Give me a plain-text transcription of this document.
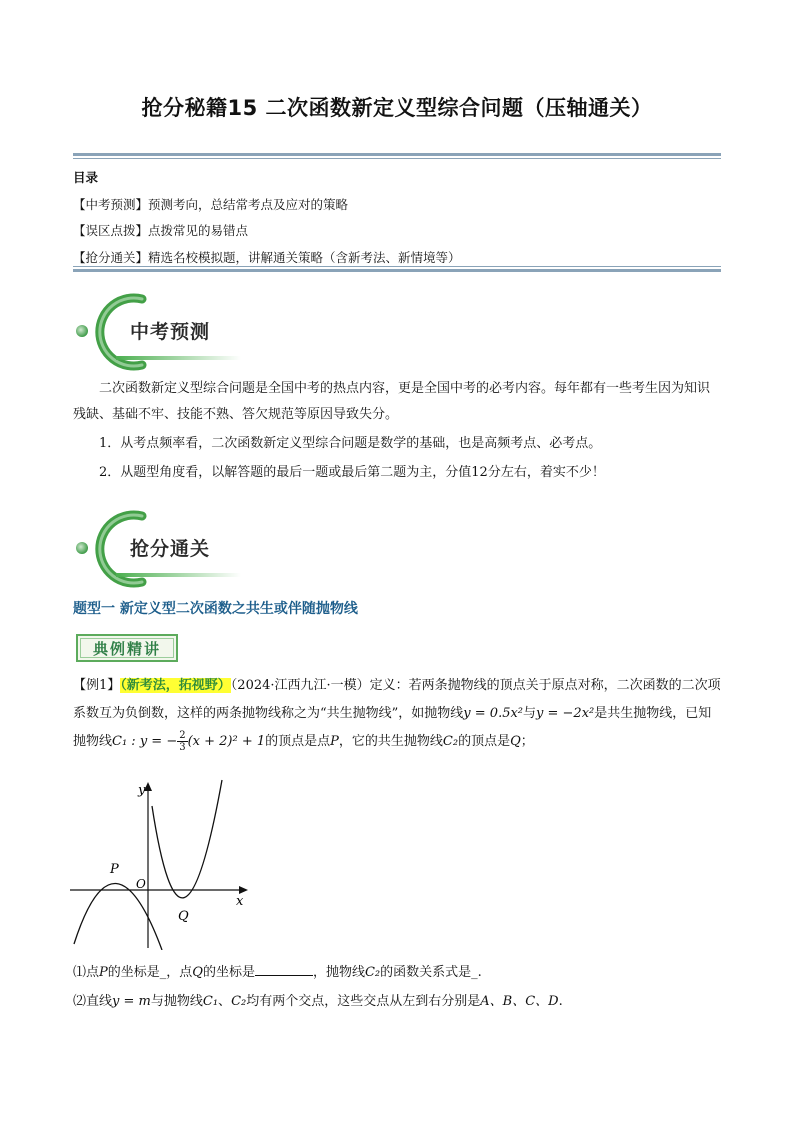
抢分秘籍15 二次函数新定义型综合问题（压轴通关）
目录
【中考预测】预测考向，总结常考点及应对的策略
【误区点拨】点拨常见的易错点
【抢分通关】精选名校模拟题，讲解通关策略（含新考法、新情境等）
中考预测

二次函数新定义型综合问题是全国中考的热点内容，更是全国中考的必考内容。每年都有一些考生因为知识残缺、基础不牢、技能不熟、答欠规范等原因导致失分。

1．从考点频率看，二次函数新定义型综合问题是数学的基础，也是高频考点、必考点。

2．从题型角度看，以解答题的最后一题或最后第二题为主，分值12分左右，着实不少！

抢分通关
题型一 新定义型二次函数之共生或伴随抛物线
典例精讲

【例1】（新考法，拓视野）（2024·江西九江·一模）定义：若两条抛物线的顶点关于原点对称，二次函数的二次项系数互为负倒数，这样的两条抛物线称之为“共生抛物线”，如抛物线y = 0.5x²与y = −2x²是共生抛物线，已知抛物线C₁ : y = − $\frac{2}{3} (x + 2)^2 + 1$的顶点是点P，它的共生抛物线C₂的顶点是Q；

y
x
O
P
Q

⑴点P的坐标是_，点Q的坐标是	，抛物线C₂的函数关系式是_.

⑵直线y = m与抛物线C₁、C₂均有两个交点，这些交点从左到右分别是A、B、C、D.
